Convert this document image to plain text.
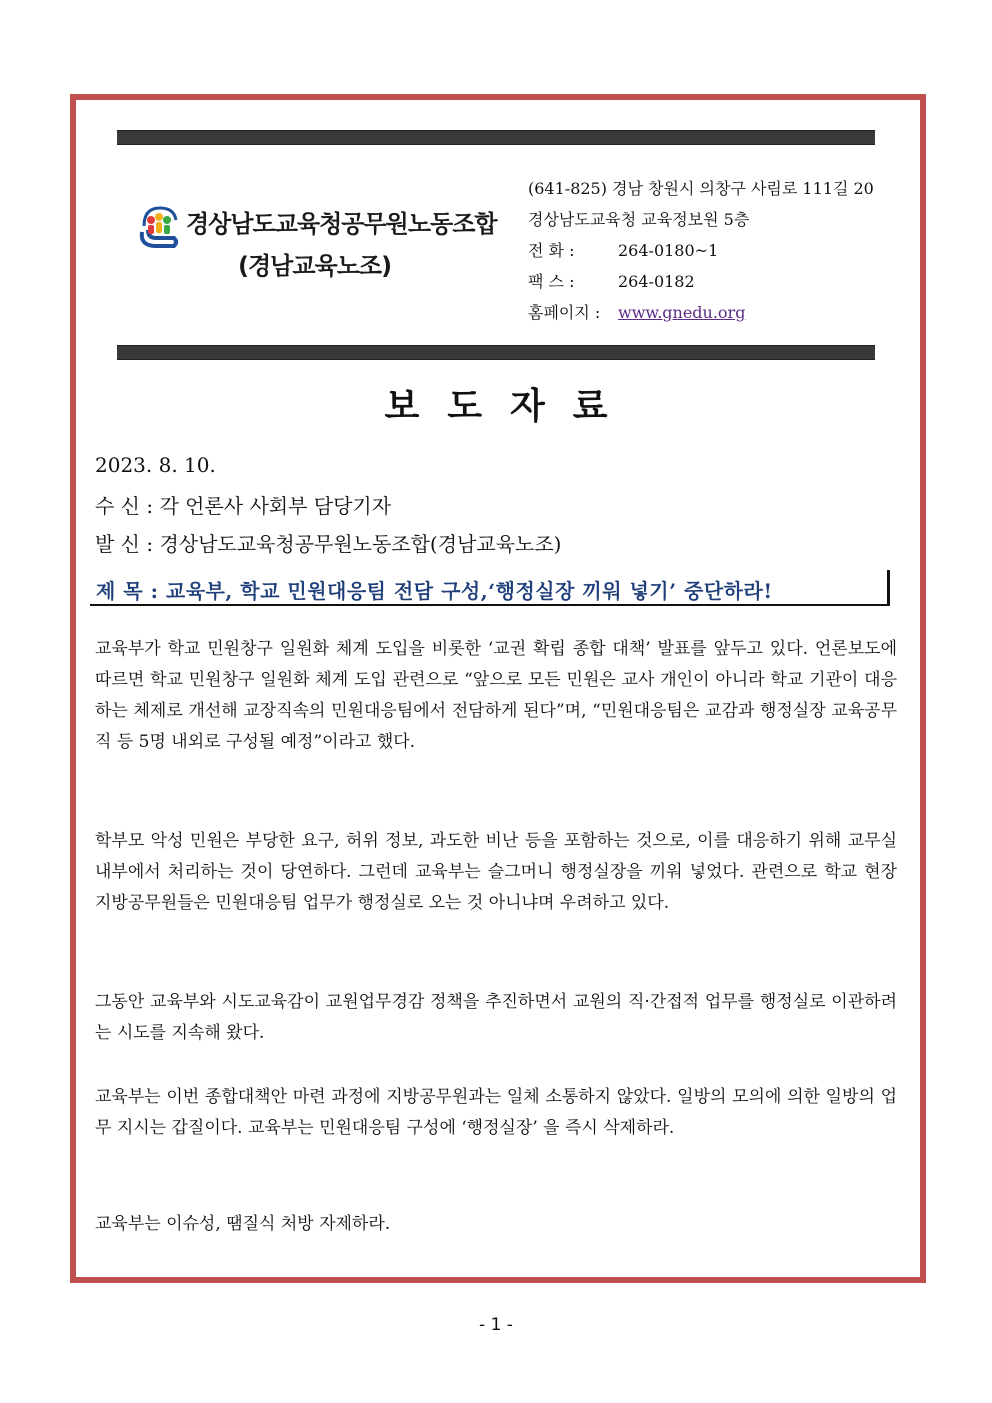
경상남도교육청공무원노동조합
(경남교육노조)
(641-825) 경남 창원시 의창구 사림로 111길 20
경상남도교육청 교육정보원 5층
전 화 :	264-0180~1
팩 스 :	264-0182
홈페이지 : www.gnedu.org
보도자료
2023. 8. 10.
수 신 : 각 언론사 사회부 담당기자
발 신 : 경상남도교육청공무원노동조합(경남교육노조)
제 목 : 교육부, 학교 민원대응팀 전담 구성,‘행정실장 끼워 넣기’ 중단하라!
교육부가 학교 민원창구 일원화 체계 도입을 비롯한 ‘교권 확립 종합 대책’ 발표를 앞두고 있다. 언론보도에 따르면 학교 민원창구 일원화 체계 도입 관련으로 “앞으로 모든 민원은 교사 개인이 아니라 학교 기관이 대응하는 체제로 개선해 교장직속의 민원대응팀에서 전담하게 된다”며, “민원대응팀은 교감과 행정실장 교육공무직 등 5명 내외로 구성될 예정”이라고 했다.
학부모 악성 민원은 부당한 요구, 허위 정보, 과도한 비난 등을 포함하는 것으로, 이를 대응하기 위해 교무실 내부에서 처리하는 것이 당연하다. 그런데 교육부는 슬그머니 행정실장을 끼워 넣었다. 관련으로 학교 현장 지방공무원들은 민원대응팀 업무가 행정실로 오는 것 아니냐며 우려하고 있다.
그동안 교육부와 시도교육감이 교원업무경감 정책을 추진하면서 교원의 직·간접적 업무를 행정실로 이관하려는 시도를 지속해 왔다.
교육부는 이번 종합대책안 마련 과정에 지방공무원과는 일체 소통하지 않았다. 일방의 모의에 의한 일방의 업무 지시는 갑질이다. 교육부는 민원대응팀 구성에 ‘행정실장’ 을 즉시 삭제하라.
교육부는 이슈성, 땜질식 처방 자제하라.
- 1 -
